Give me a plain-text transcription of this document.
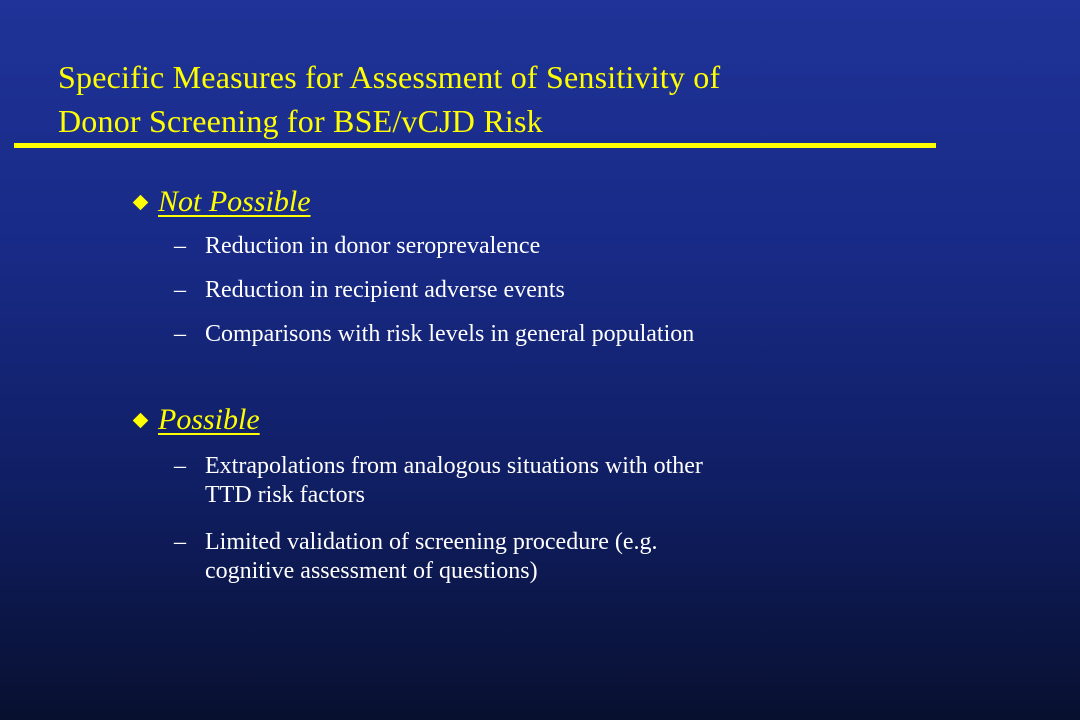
Specific Measures for Assessment of Sensitivity of
Donor Screening for BSE/vCJD Risk
Not Possible
– Reduction in donor seroprevalence
– Reduction in recipient adverse events
– Comparisons with risk levels in general population
Possible
– Extrapolations from analogous situations with other
TTD risk factors
– Limited validation of screening procedure (e.g.
cognitive assessment of questions)
